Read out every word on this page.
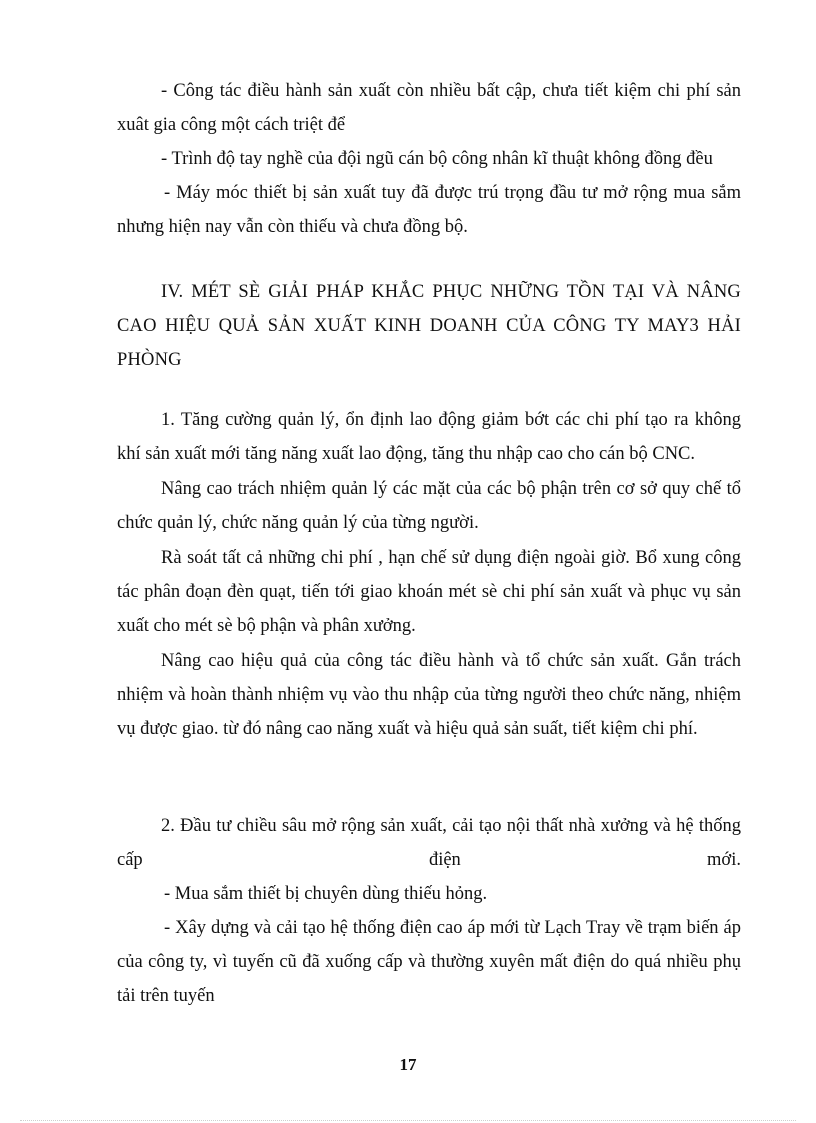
- Công tác điều hành sản xuất còn nhiều bất cập, chưa tiết kiệm chi phí sản xuât gia công một cách triệt để

- Trình độ tay nghề của đội ngũ cán bộ công nhân kĩ thuật không đồng đều

- Máy móc thiết bị sản xuất tuy đã được trú trọng đầu tư mở rộng mua sắm nhưng hiện nay vẫn còn thiếu và chưa đồng bộ.

IV. MÉT SÈ GIẢI PHÁP KHẮC PHỤC NHỮNG TỒN TẠI VÀ NÂNG CAO HIỆU QUẢ SẢN XUẤT KINH DOANH CỦA CÔNG TY MAY3 HẢI PHÒNG

1. Tăng cường quản lý, ổn định lao động giảm bớt các chi phí tạo ra không khí sản xuất mới tăng năng xuất lao động, tăng thu nhập cao cho cán bộ CNC.

Nâng cao trách nhiệm quản lý các mặt của các bộ phận trên cơ sở quy chế tổ chức quản lý, chức năng quản lý của từng người.

Rà soát tất cả những chi phí , hạn chế sử dụng điện ngoài giờ. Bổ xung công tác phân đoạn đèn quạt, tiến tới giao khoán mét sè chi phí sản xuất và phục vụ sản xuất cho mét sè bộ phận và phân xưởng.

Nâng cao hiệu quả của công tác điều hành và tổ chức sản xuất. Gắn trách nhiệm và hoàn thành nhiệm vụ vào thu nhập của từng người theo chức năng, nhiệm vụ được giao. từ đó nâng cao năng xuất và hiệu quả sản suất, tiết kiệm chi phí.

2. Đầu tư chiều sâu mở rộng sản xuất, cải tạo nội thất nhà xưởng và hệ thống

cấp	điện	mới.

- Mua sắm thiết bị chuyên dùng thiếu hỏng.

- Xây dựng và cải tạo hệ thống điện cao áp mới từ Lạch Tray về trạm biến áp của công ty, vì tuyến cũ đã xuống cấp và thường xuyên mất điện do quá nhiều phụ tải trên tuyến

17
